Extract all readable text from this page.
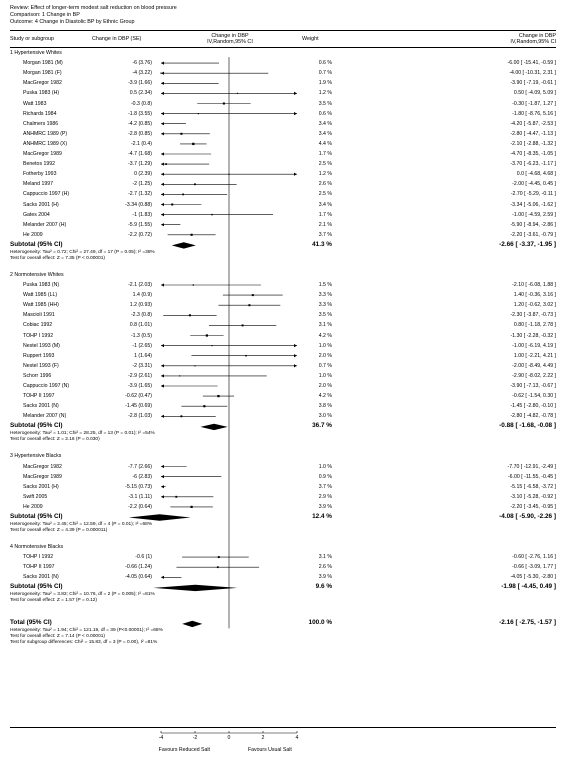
Review: Effect of longer-term modest salt reduction on blood pressure
Comparison: 1 Change in BP
Outcome: 4 Change in Diastolic BP by Ethnic Group
Study or subgroup	Change in DBP (SE)	Change in DBP
IV,Random,95% CI	Weight	Change in DBP
IV,Random,95% CI
1 Hypertensive Whites
Morgan 1981 (M)	-6 (3.76)	0.6 %	-6.00 [ -15.41, -0.59 ]
Morgan 1981 (F)	-4 (3.22)	0.7 %	-4.00 [ -10.31, 2.31 ]
MacGregor 1982	-3.9 (1.66)	1.9 %	-3.90 [ -7.19, -0.61 ]
Puska 1983 (H)	0.5 (2.34)	1.2 %	0.50 [ -4.09, 5.09 ]
Watt 1983	-0.3 (0.8)	3.5 %	-0.30 [ -1.87, 1.27 ]
Richards 1984	-1.8 (3.55)	0.6 %	-1.80 [ -8.76, 5.16 ]
Chalmers 1986	-4.2 (0.85)	3.4 %	-4.20 [ -5.87, -2.53 ]
ANHMRC 1989 (P)	-2.8 (0.85)	3.4 %	-2.80 [ -4.47, -1.13 ]
ANHMRC 1989 (X)	-2.1 (0.4)	4.4 %	-2.10 [ -2.88, -1.32 ]
MacGregor 1989	-4.7 (1.68)	1.7 %	-4.70 [ -8.35, -1.05 ]
Benetos 1992	-3.7 (1.29)	2.5 %	-3.70 [ -6.23, -1.17 ]
Fotherby 1993	0 (2.39)	1.2 %	0.0 [ -4.68, 4.68 ]
Meland 1997	-2 (1.25)	2.6 %	-2.00 [ -4.45, 0.45 ]
Cappuccio 1997 (H)	-2.7 (1.32)	2.5 %	-2.70 [ -5.29, -0.11 ]
Sacks 2001 (H)	-3.34 (0.88)	3.4 %	-3.34 [ -5.06, -1.62 ]
Gates 2004	-1 (1.83)	1.7 %	-1.00 [ -4.59, 2.59 ]
Melander 2007 (H)	-5.9 (1.55)	2.1 %	-5.90 [ -8.94, -2.86 ]
He 2009	-2.2 (0.72)	3.7 %	-2.20 [ -3.61, -0.79 ]
Subtotal (95% CI)	41.3 %	-2.66 [ -3.37, -1.95 ]
Heterogeneity: Tau² = 0.72; Chi² = 27.49, df = 17 (P = 0.05); I² =38%
Test for overall effect: Z = 7.35 (P < 0.00001)
2 Normotensive Whites
Puska 1983 (N)	-2.1 (2.03)	1.5 %	-2.10 [ -6.08, 1.88 ]
Watt 1985 (LL)	1.4 (0.9)	3.3 %	1.40 [ -0.36, 3.16 ]
Watt 1985 (HH)	1.2 (0.93)	3.3 %	1.20 [ -0.62, 3.02 ]
Mascioli 1991	-2.3 (0.8)	3.5 %	-2.30 [ -3.87, -0.73 ]
Cobiac 1992	0.8 (1.01)	3.1 %	0.80 [ -1.18, 2.78 ]
TOHP I 1992	-1.3 (0.5)	4.2 %	-1.30 [ -2.28, -0.32 ]
Nestel 1993 (M)	-1 (2.65)	1.0 %	-1.00 [ -6.19, 4.19 ]
Ruppert 1993	1 (1.64)	2.0 %	1.00 [ -2.21, 4.21 ]
Nestel 1993 (F)	-2 (3.31)	0.7 %	-2.00 [ -8.49, 4.49 ]
Schorr 1996	-2.9 (2.61)	1.0 %	-2.90 [ -8.02, 2.22 ]
Cappuccio 1997 (N)	-3.9 (1.65)	2.0 %	-3.90 [ -7.13, -0.67 ]
TOHP II 1997	-0.62 (0.47)	4.2 %	-0.62 [ -1.54, 0.30 ]
Sacks 2001 (N)	-1.45 (0.69)	3.8 %	-1.45 [ -2.80, -0.10 ]
Melander 2007 (N)	-2.8 (1.03)	3.0 %	-2.80 [ -4.82, -0.78 ]
Subtotal (95% CI)	36.7 %	-0.88 [ -1.68, -0.08 ]
Heterogeneity: Tau² = 1.01; Chi² = 28.25, df = 13 (P = 0.01); I² =54%
Test for overall effect: Z = 2.16 (P = 0.030)
3 Hypertensive Blacks
MacGregor 1982	-7.7 (2.66)	1.0 %	-7.70 [ -12.91, -2.49 ]
MacGregor 1989	-6 (2.83)	0.9 %	-6.00 [ -11.55, -0.45 ]
Sacks 2001 (H)	-5.15 (0.73)	3.7 %	-5.15 [ -6.58, -3.72 ]
Swift 2005	-3.1 (1.11)	2.9 %	-3.10 [ -5.28, -0.92 ]
He 2009	-2.2 (0.64)	3.9 %	-2.20 [ -3.45, -0.95 ]
Subtotal (95% CI)	12.4 %	-4.08 [ -5.90, -2.26 ]
Heterogeneity: Tau² = 2.45; Chi² = 12.59, df = 4 (P = 0.01); I² =68%
Test for overall effect: Z = 4.39 (P = 0.000011)
4 Normotensive Blacks
TOHP I 1992	-0.6 (1)	3.1 %	-0.60 [ -2.76, 1.16 ]
TOHP II 1997	-0.66 (1.24)	2.6 %	-0.66 [ -3.09, 1.77 ]
Sacks 2001 (N)	-4.05 (0.64)	3.9 %	-4.05 [ -5.30, -2.80 ]
Subtotal (95% CI)	9.6 %	-1.98 [ -4.45, 0.49 ]
Heterogeneity: Tau² = 3.83; Chi² = 10.76, df = 2 (P = 0.005); I² =81%
Test for overall effect: Z = 1.57 (P = 0.12)
Total (95% CI)	100.0 %	-2.16 [ -2.75, -1.57 ]
Heterogeneity: Tau² = 1.94; Chi² = 121.19, df = 39 (P<0.00001); I² =68%
Test for overall effect: Z = 7.14 (P < 0.00001)
Test for subgroup differences: Chi² = 15.83, df = 3 (P = 0.00), I² =81%
Favours Reduced Salt	Favours Usual Salt
-4	-2	0	2	4
